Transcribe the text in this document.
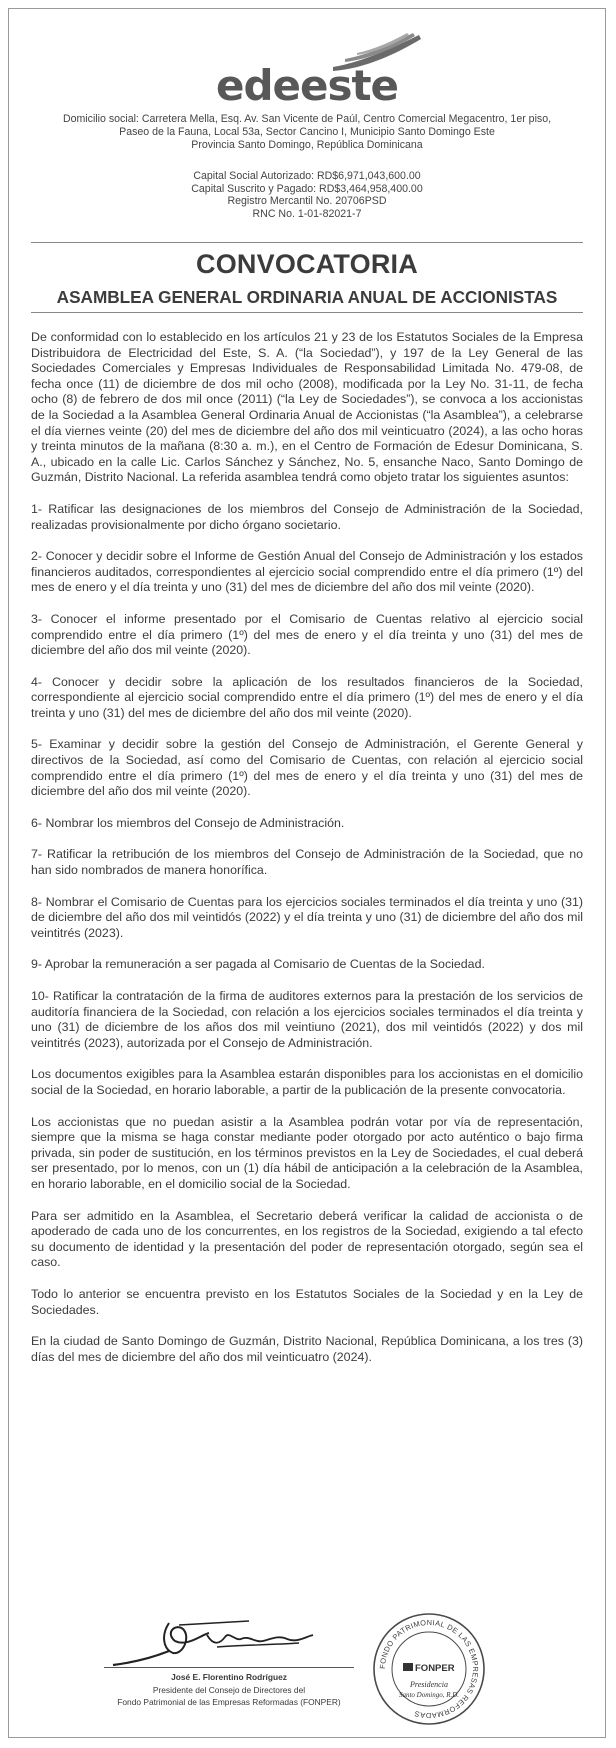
edeeste
Domicilio social: Carretera Mella, Esq. Av. San Vicente de Paúl, Centro Comercial Megacentro, 1er piso,
Paseo de la Fauna, Local 53a, Sector Cancino I, Municipio Santo Domingo Este
Provincia Santo Domingo, República Dominicana
Capital Social Autorizado: RD$6,971,043,600.00
Capital Suscrito y Pagado: RD$3,464,958,400.00
Registro Mercantil No. 20706PSD
RNC No. 1-01-82021-7
CONVOCATORIA
ASAMBLEA GENERAL ORDINARIA ANUAL DE ACCIONISTAS

De conformidad con lo establecido en los artículos 21 y 23 de los Estatutos Sociales de la Empresa Distribuidora de Electricidad del Este, S. A. (“la Sociedad”), y 197 de la Ley General de las Sociedades Comerciales y Empresas Individuales de Responsabilidad Limitada No. 479-08, de fecha once (11) de diciembre de dos mil ocho (2008), modificada por la Ley No. 31-11, de fecha ocho (8) de febrero de dos mil once (2011) (“la Ley de Sociedades”), se convoca a los accionistas de la Sociedad a la Asamblea General Ordinaria Anual de Accionistas (“la Asamblea”), a celebrarse el día viernes veinte (20) del mes de diciembre del año dos mil veinticuatro (2024), a las ocho horas y treinta minutos de la mañana (8:30 a. m.), en el Centro de Formación de Edesur Dominicana, S. A., ubicado en la calle Lic. Carlos Sánchez y Sánchez, No. 5, ensanche Naco, Santo Domingo de Guzmán, Distrito Nacional. La referida asamblea tendrá como objeto tratar los siguientes asuntos:

1- Ratificar las designaciones de los miembros del Consejo de Administración de la Sociedad, realizadas provisionalmente por dicho órgano societario.

2- Conocer y decidir sobre el Informe de Gestión Anual del Consejo de Administración y los estados financieros auditados, correspondientes al ejercicio social comprendido entre el día primero (1º) del mes de enero y el día treinta y uno (31) del mes de diciembre del año dos mil veinte (2020).

3- Conocer el informe presentado por el Comisario de Cuentas relativo al ejercicio social comprendido entre el día primero (1º) del mes de enero y el día treinta y uno (31) del mes de diciembre del año dos mil veinte (2020).

4- Conocer y decidir sobre la aplicación de los resultados financieros de la Sociedad, correspondiente al ejercicio social comprendido entre el día primero (1º) del mes de enero y el día treinta y uno (31) del mes de diciembre del año dos mil veinte (2020).

5- Examinar y decidir sobre la gestión del Consejo de Administración, el Gerente General y directivos de la Sociedad, así como del Comisario de Cuentas, con relación al ejercicio social comprendido entre el día primero (1º) del mes de enero y el día treinta y uno (31) del mes de diciembre del año dos mil veinte (2020).

6- Nombrar los miembros del Consejo de Administración.

7- Ratificar la retribución de los miembros del Consejo de Administración de la Sociedad, que no han sido nombrados de manera honorífica.

8- Nombrar el Comisario de Cuentas para los ejercicios sociales terminados el día treinta y uno (31) de diciembre del año dos mil veintidós (2022) y el día treinta y uno (31) de diciembre del año dos mil veintitrés (2023).

9- Aprobar la remuneración a ser pagada al Comisario de Cuentas de la Sociedad.

10- Ratificar la contratación de la firma de auditores externos para la prestación de los servicios de auditoría financiera de la Sociedad, con relación a los ejercicios sociales terminados el día treinta y uno (31) de diciembre de los años dos mil veintiuno (2021), dos mil veintidós (2022) y dos mil veintitrés (2023), autorizada por el Consejo de Administración.

Los documentos exigibles para la Asamblea estarán disponibles para los accionistas en el domicilio social de la Sociedad, en horario laborable, a partir de la publicación de la presente convocatoria.

Los accionistas que no puedan asistir a la Asamblea podrán votar por vía de representación, siempre que la misma se haga constar mediante poder otorgado por acto auténtico o bajo firma privada, sin poder de sustitución, en los términos previstos en la Ley de Sociedades, el cual deberá ser presentado, por lo menos, con un (1) día hábil de anticipación a la celebración de la Asamblea, en horario laborable, en el domicilio social de la Sociedad.

Para ser admitido en la Asamblea, el Secretario deberá verificar la calidad de accionista o de apoderado de cada uno de los concurrentes, en los registros de la Sociedad, exigiendo a tal efecto su documento de identidad y la presentación del poder de representación otorgado, según sea el caso.

Todo lo anterior se encuentra previsto en los Estatutos Sociales de la Sociedad y en la Ley de Sociedades.

En la ciudad de Santo Domingo de Guzmán, Distrito Nacional, República Dominicana, a los tres (3) días del mes de diciembre del año dos mil veinticuatro (2024).

José E. Florentino Rodríguez
Presidente del Consejo de Directores del
Fondo Patrimonial de las Empresas Reformadas (FONPER)
FONDO PATRIMONIAL DE LAS EMPRESAS REFORMADAS
FONPER
Presidencia
Santo Domingo, R.D.
